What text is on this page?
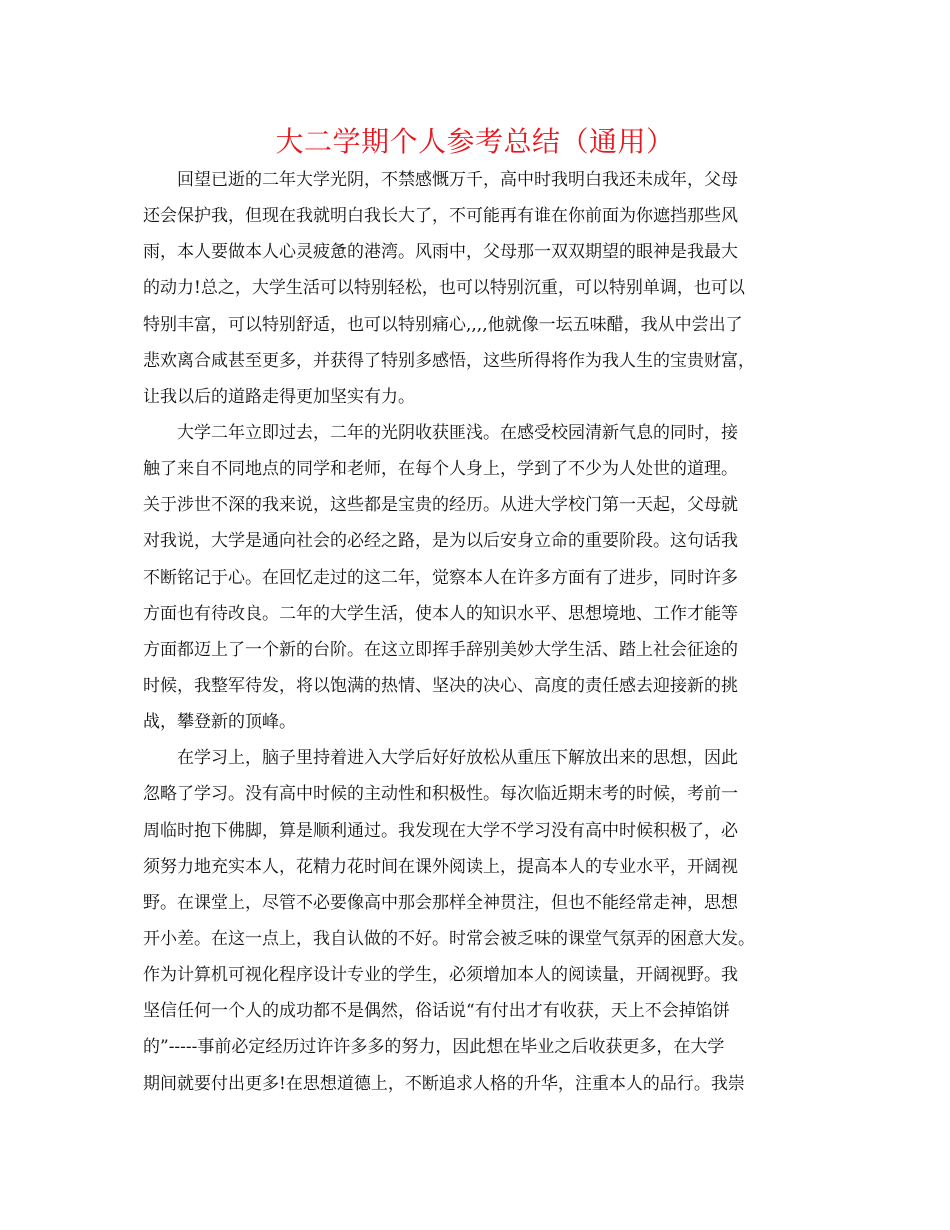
大二学期个人参考总结（通用）
回望已逝的二年大学光阴，不禁感慨万千，高中时我明白我还未成年，父母
还会保护我，但现在我就明白我长大了，不可能再有谁在你前面为你遮挡那些风
雨，本人要做本人心灵疲惫的港湾。风雨中，父母那一双双期望的眼神是我最大
的动力!总之，大学生活可以特别轻松，也可以特别沉重，可以特别单调，也可以
特别丰富，可以特别舒适，也可以特别痛心,,,,他就像一坛五味醋，我从中尝出了
悲欢离合咸甚至更多，并获得了特别多感悟，这些所得将作为我人生的宝贵财富，
让我以后的道路走得更加坚实有力。
大学二年立即过去，二年的光阴收获匪浅。在感受校园清新气息的同时，接
触了来自不同地点的同学和老师，在每个人身上，学到了不少为人处世的道理。
关于涉世不深的我来说，这些都是宝贵的经历。从进大学校门第一天起，父母就
对我说，大学是通向社会的必经之路，是为以后安身立命的重要阶段。这句话我
不断铭记于心。在回忆走过的这二年，觉察本人在许多方面有了进步，同时许多
方面也有待改良。二年的大学生活，使本人的知识水平、思想境地、工作才能等
方面都迈上了一个新的台阶。在这立即挥手辞别美妙大学生活、踏上社会征途的
时候，我整军待发，将以饱满的热情、坚决的决心、高度的责任感去迎接新的挑
战，攀登新的顶峰。
在学习上，脑子里持着进入大学后好好放松从重压下解放出来的思想，因此
忽略了学习。没有高中时候的主动性和积极性。每次临近期末考的时候，考前一
周临时抱下佛脚，算是顺利通过。我发现在大学不学习没有高中时候积极了，必
须努力地充实本人，花精力花时间在课外阅读上，提高本人的专业水平，开阔视
野。在课堂上，尽管不必要像高中那会那样全神贯注，但也不能经常走神，思想
开小差。在这一点上，我自认做的不好。时常会被乏味的课堂气氛弄的困意大发。
作为计算机可视化程序设计专业的学生，必须增加本人的阅读量，开阔视野。我
坚信任何一个人的成功都不是偶然，俗话说“有付出才有收获，天上不会掉馅饼
的”-----事前必定经历过许许多多的努力，因此想在毕业之后收获更多，在大学
期间就要付出更多!在思想道德上，不断追求人格的升华，注重本人的品行。我崇
